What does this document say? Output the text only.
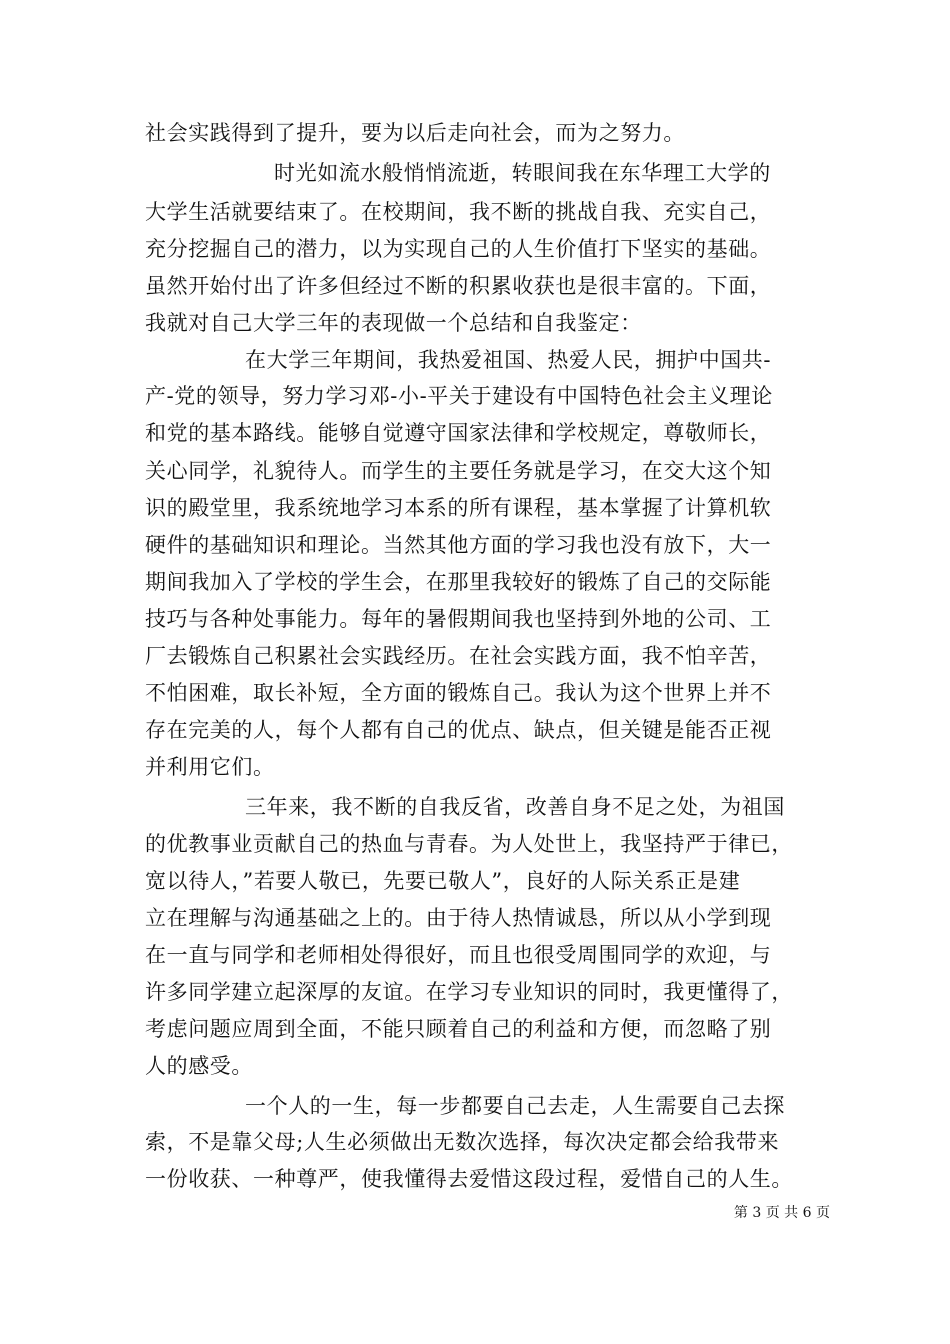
社会实践得到了提升，要为以后走向社会，而为之努力。
时光如流水般悄悄流逝，转眼间我在东华理工大学的
大学生活就要结束了。在校期间，我不断的挑战自我、充实自己，
充分挖掘自己的潜力，以为实现自己的人生价值打下坚实的基础。
虽然开始付出了许多但经过不断的积累收获也是很丰富的。下面，
我就对自己大学三年的表现做一个总结和自我鉴定：
在大学三年期间，我热爱祖国、热爱人民，拥护中国共-
产-党的领导，努力学习邓-小-平关于建设有中国特色社会主义理论
和党的基本路线。能够自觉遵守国家法律和学校规定，尊敬师长，
关心同学，礼貌待人。而学生的主要任务就是学习，在交大这个知
识的殿堂里，我系统地学习本系的所有课程，基本掌握了计算机软
硬件的基础知识和理论。当然其他方面的学习我也没有放下，大一
期间我加入了学校的学生会，在那里我较好的锻炼了自己的交际能
技巧与各种处事能力。每年的暑假期间我也坚持到外地的公司、工
厂去锻炼自己积累社会实践经历。在社会实践方面，我不怕辛苦，
不怕困难，取长补短，全方面的锻炼自己。我认为这个世界上并不
存在完美的人，每个人都有自己的优点、缺点，但关键是能否正视
并利用它们。
三年来，我不断的自我反省，改善自身不足之处，为祖国
的优教事业贡献自己的热血与青春。为人处世上，我坚持严于律已，
宽以待人，”若要人敬已，先要已敬人”，良好的人际关系正是建
立在理解与沟通基础之上的。由于待人热情诚恳，所以从小学到现
在一直与同学和老师相处得很好，而且也很受周围同学的欢迎，与
许多同学建立起深厚的友谊。在学习专业知识的同时，我更懂得了，
考虑问题应周到全面，不能只顾着自己的利益和方便，而忽略了别
人的感受。
一个人的一生，每一步都要自己去走，人生需要自己去探
索，不是靠父母;人生必须做出无数次选择，每次决定都会给我带来
一份收获、一种尊严，使我懂得去爱惜这段过程，爱惜自己的人生。
第 3 页 共 6 页
